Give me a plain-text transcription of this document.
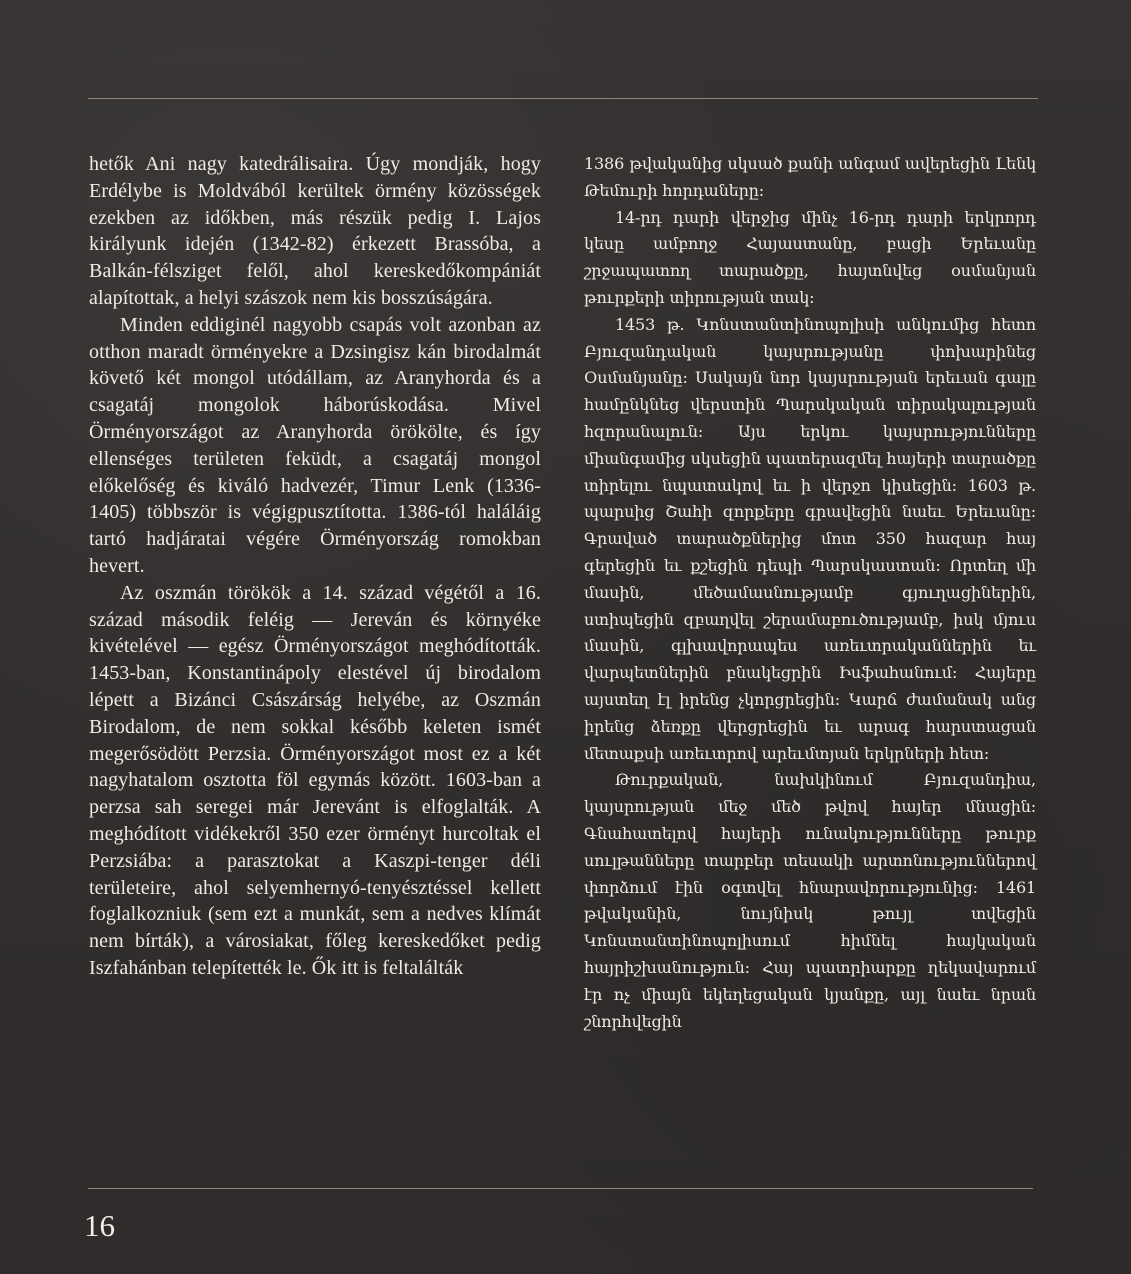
hetők Ani nagy katedrálisaira. Úgy mondják, hogy Erdélybe is Moldvából kerültek örmény közösségek ezekben az időkben, más részük pedig I. Lajos királyunk idején (1342-82) érkezett Brassóba, a Balkán-félsziget felől, ahol kereskedőkompániát alapítottak, a helyi szászok nem kis bosszúságára.

Minden eddiginél nagyobb csapás volt azonban az otthon maradt örményekre a Dzsingisz kán birodalmát követő két mongol utódállam, az Aranyhorda és a csagatáj mongolok háborúskodása. Mivel Örményországot az Aranyhorda örökölte, és így ellenséges területen feküdt, a csagatáj mongol előkelőség és kiváló hadvezér, Timur Lenk (1336-1405) többször is végigpusztította. 1386-tól haláláig tartó hadjáratai végére Örményország romokban hevert.

Az oszmán törökök a 14. század végétől a 16. század második feléig — Jereván és környéke kivételével — egész Örményországot meghódították. 1453-ban, Konstantinápoly elestével új birodalom lépett a Bizánci Császárság helyébe, az Oszmán Birodalom, de nem sokkal később keleten ismét megerősödött Perzsia. Örményországot most ez a két nagyhatalom osztotta föl egymás között. 1603-ban a perzsa sah seregei már Jerevánt is elfoglalták. A meghódított vidékekről 350 ezer örményt hurcoltak el Perzsiába: a parasztokat a Kaszpi-tenger déli területeire, ahol selyemhernyó-tenyésztéssel kellett foglalkozniuk (sem ezt a munkát, sem a nedves klímát nem bírták), a városiakat, főleg kereskedőket pedig Iszfahánban telepítették le. Ők itt is feltalálták

1386 թվականից սկսած քանի անգամ ավերեցին Լենկ Թեմուրի հորդաները:

14-րդ դարի վերջից մինչ 16-րդ դարի երկրորդ կեսը ամբողջ Հայաստանը, բացի Երեւանը շրջապատող տարածքը, հայտնվեց օսմանյան թուրքերի տիրության տակ:

1453 թ. Կոնստանտինոպոլիսի անկումից հետո Բյուզանդական կայսրությանը փոխարինեց Օսմանյանը: Սակայն նոր կայսրության երեւան գալը համընկնեց վերստին Պարսկական տիրակալության հզորանալուն: Այս երկու կայսրությունները միանգամից սկսեցին պատերազմել հայերի տարածքը տիրելու նպատակով եւ ի վերջո կիսեցին: 1603 թ. պարսից Շահի զորքերը գրավեցին նաեւ Երեւանը: Գրաված տարածքներից մոտ 350 հազար հայ գերեցին եւ քշեցին դեպի Պարսկաստան: Որտեղ մի մասին, մեծամասնությամբ գյուղացիներին, ստիպեցին զբաղվել շերամաբուծությամբ, իսկ մյուս մասին, գլխավորապես առեւտրականներին եւ վարպետներին բնակեցրին Իսֆահանում: Հայերը այստեղ էլ իրենց չկորցրեցին: Կարճ ժամանակ անց իրենց ձեռքը վերցրեցին եւ արագ հարստացան մետաքսի առեւտրով արեւմտյան երկրների հետ:

Թուրքական, նախկինում Բյուզանդիա, կայսրության մեջ մեծ թվով հայեր մնացին: Գնահատելով հայերի ունակությունները թուրք սուլթանները տարբեր տեսակի արտոնություններով փորձում էին օգտվել հնարավորությունից: 1461 թվականին, նույնիսկ թույլ տվեցին Կոնստանտինոպոլիսում հիմնել հայկական հայրիշխանություն: Հայ պատրիարքը ղեկավարում էր ոչ միայն եկեղեցական կյանքը, այլ նաեւ նրան շնորհվեցին

16
